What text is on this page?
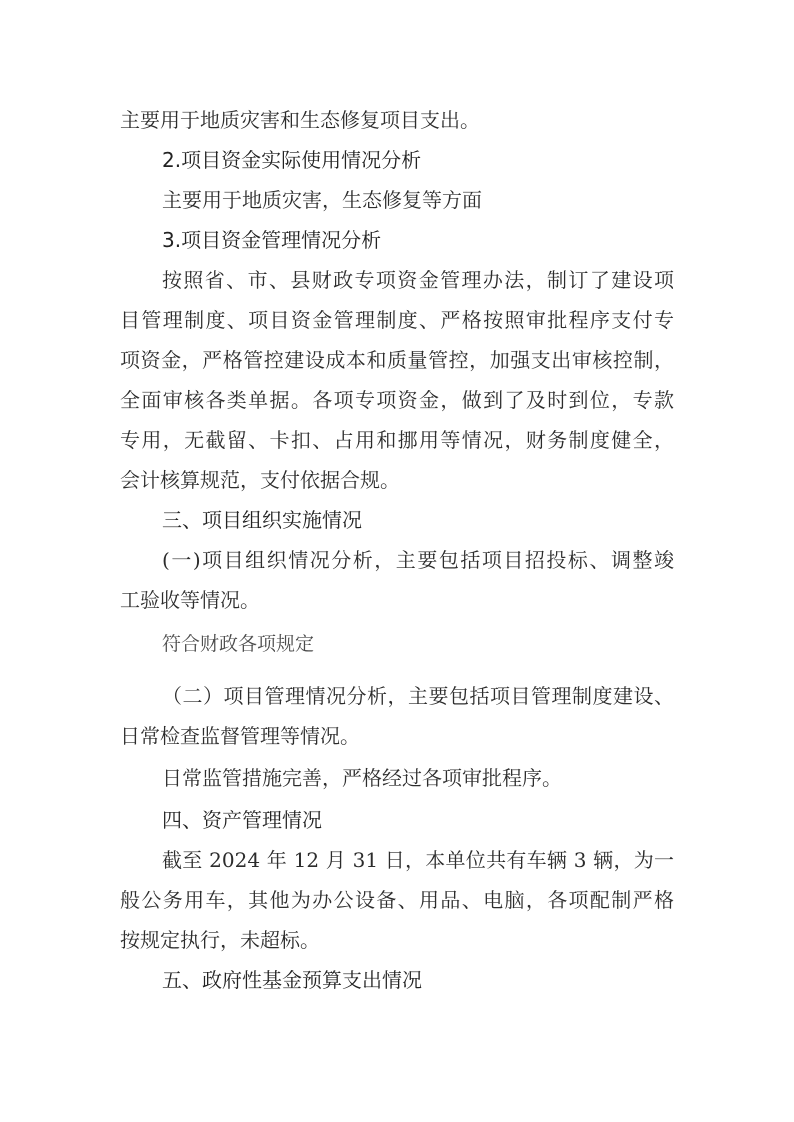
主要用于地质灾害和生态修复项目支出。
2.项目资金实际使用情况分析
主要用于地质灾害，生态修复等方面
3.项目资金管理情况分析
按照省、市、县财政专项资金管理办法，制订了建设项
目管理制度、项目资金管理制度、严格按照审批程序支付专
项资金，严格管控建设成本和质量管控，加强支出审核控制，
全面审核各类单据。各项专项资金，做到了及时到位，专款
专用，无截留、卡扣、占用和挪用等情况，财务制度健全，
会计核算规范，支付依据合规。
三、项目组织实施情况
(一)项目组织情况分析，主要包括项目招投标、调整竣
工验收等情况。
符合财政各项规定
（二）项目管理情况分析，主要包括项目管理制度建设、
日常检查监督管理等情况。
日常监管措施完善，严格经过各项审批程序。
四、资产管理情况
截至 2024 年 12 月 31 日，本单位共有车辆 3 辆，为一
般公务用车，其他为办公设备、用品、电脑，各项配制严格
按规定执行，未超标。
五、政府性基金预算支出情况
